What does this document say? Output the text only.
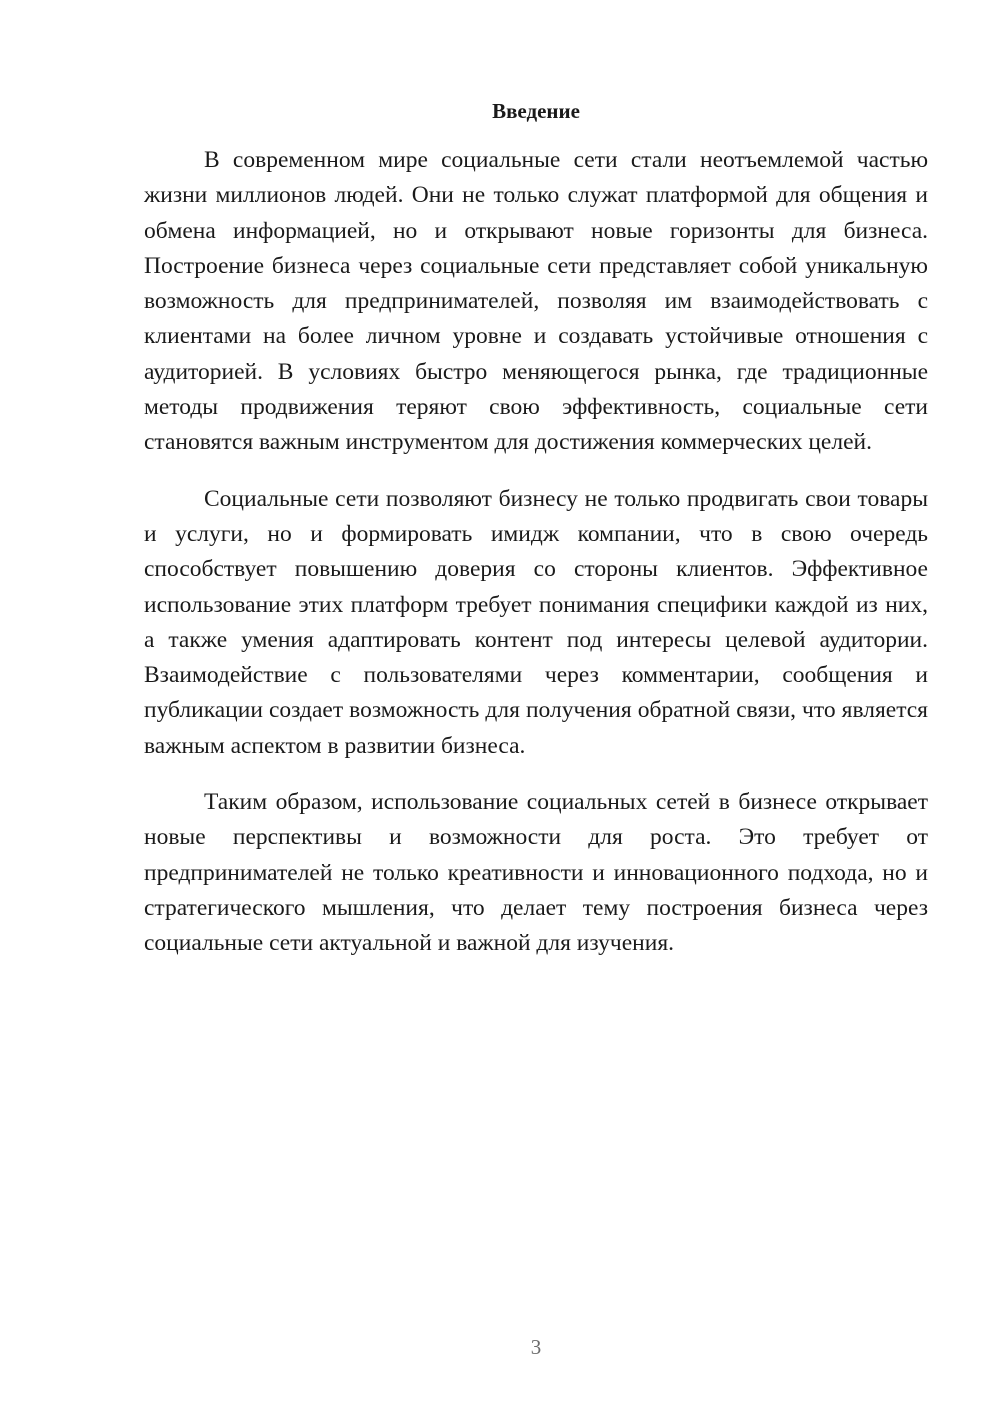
Введение

В современном мире социальные сети стали неотъемлемой частью жизни миллионов людей. Они не только служат платформой для общения и обмена информацией, но и открывают новые горизонты для бизнеса. Построение бизнеса через социальные сети представляет собой уникальную возможность для предпринимателей, позволяя им взаимодействовать с клиентами на более личном уровне и создавать устойчивые отношения с аудиторией. В условиях быстро меняющегося рынка, где традиционные методы продвижения теряют свою эффективность, социальные сети становятся важным инструментом для достижения коммерческих целей.

Социальные сети позволяют бизнесу не только продвигать свои товары и услуги, но и формировать имидж компании, что в свою очередь способствует повышению доверия со стороны клиентов. Эффективное использование этих платформ требует понимания специфики каждой из них, а также умения адаптировать контент под интересы целевой аудитории. Взаимодействие с пользователями через комментарии, сообщения и публикации создает возможность для получения обратной связи, что является важным аспектом в развитии бизнеса.

Таким образом, использование социальных сетей в бизнесе открывает новые перспективы и возможности для роста. Это требует от предпринимателей не только креативности и инновационного подхода, но и стратегического мышления, что делает тему построения бизнеса через социальные сети актуальной и важной для изучения.

3
